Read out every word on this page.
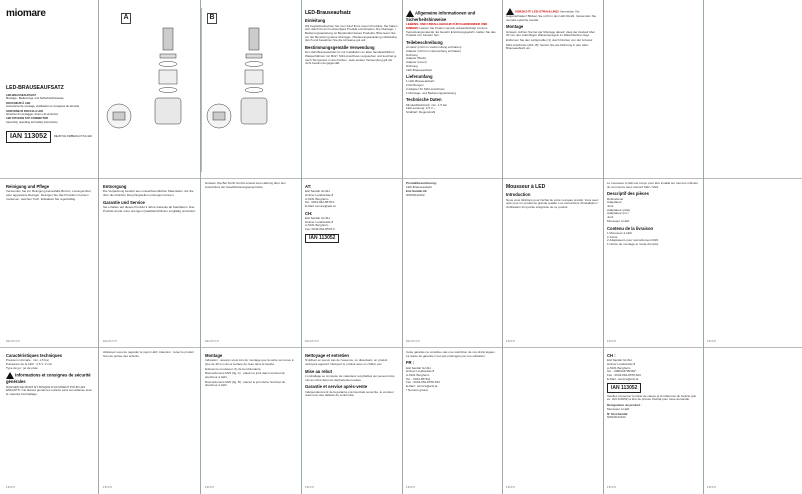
miomare
LED-BRAUSEAUFSATZ
LED-BRAUSEAUFSATZ
Montage-, Bedienungs- und Sicherheitshinweise
DOUCHEUR À LED
Instructions de montage, d'utilisation et consignes de sécurité
SOFFIONE DI DOCCIA A LED
Istruzioni di montaggio, d'uso e di sicurezza
LED KITCHEN TAP CONNECTOR
Assembly, operating and safety instructions
IAN 113052	DE/AT/CH FR/BE/CH IT/CH EN
A	B
LED-Brauseaufsatz
Einleitung
Wir beglückwünschen Sie zum Kauf Ihres neuen Produkts. Sie haben sich damit für ein hochwertiges Produkt entschieden. Die Montage- / Bedienungsanleitung ist Bestandteil dieses Produkts. Bitte lesen Sie vor der Benutzung diese Montage- / Bedienungsanleitung vollständig durch und bewahren Sie die Hinweise gut auf.
Bestimmungsgemäße Verwendung
Der LED-Brauseaufsatz ist zur Installation an allen handelsüblichen Wasserhähnen mit M22 / M24-Anschluss vorgesehen und leuchtet je nach Temperatur in drei Farben. Jede andere Verwendung gilt als nicht bestimmungsgemäß.
Allgemeine Informationen und Sicherheitshinweise
LEBENS- UND UNFALLGEFAHR FÜR KLEINKINDER UND KINDER! Lassen Sie Kinder niemals unbeaufsichtigt mit dem Verpackungsmaterial. Es besteht Erstickungsgefahr. Halten Sie das Produkt von Kindern fern.
Teilebeschreibung
Armatur (nicht im Lieferumfang enthalten)
Adapter (nicht im Lieferumfang enthalten)
Dichtung
Adapter (Buch)
Adapter (innen)
Dichtung
LED-Brauseaufsatz
Lieferumfang
1 LED-Brauseaufsatz
2 Dichtungen
2 Adapter für M24-Anschluss
1 Montage- und Bedienungsanleitung
Technische Daten
Mindestfließdruck: min. 1,5 bar
LED-Leistung: 2,5 V ~
Strahlart: Regenstrahl
VORSICHT! LED-STRAHLUNG! Vermeiden Sie Augenschäden! Blicken Sie nicht in den LED-Strahl. Verwenden Sie niemals optische Geräte.
Montage
Hinweis: Achten Sie bei der Montage darauf, dass der Auslauf über 30 mm des zukünftigen Wasserspiegels im Waschbecken liegt.
Entfernen Sie den Luftsprudler (1) durch Drehen von der Armatur.
M24-Anschluss (Abb. B): Setzen Sie die Dichtung in den LED-Brauseaufsatz ein.
Reinigung und Pflege
Verwenden Sie zur Reinigung keinesfalls Benzin, Lösungsmittel oder aggressive Reiniger. Reinigen Sie das Produkt mit einem trockenen, weichen Tuch. Entkalken Sie regelmäßig.
Entsorgung
Die Verpackung besteht aus umweltfreundlichen Materialien, die Sie über die örtlichen Recyclingstellen entsorgen können.
Garantie und Service
Sie erhalten auf dieses Produkt 3 Jahre Garantie ab Kaufdatum. Das Produkt wurde unter strengen Qualitätsrichtlinien sorgfältig produziert.
Hinweis: Die Bei Smith GmbH erweist eine Haftung über den Ausschluss der Gewährleistungsansprüche.	AT:
Eisl Sanitär GmbH
Hintner Landstraße 8
A-5101 Bergheim
Tel.: 0043-662-8578-0
E-Mail: service@eisl.at
CH:
Eisl Sanitär GmbH
Hintner Landstraße 8
A-5101 Bergheim
Fax: 0043-662-8578-0
IAN 113052
Produktbezeichnung:
LED-Brauseaufsatz
Eisl Sanitär-Nr.
NWK0012102
Mousseur à LED
Introduction
Nous vous félicitons pour l'achat de votre nouveau produit. Vous avez opté pour un produit de grande qualité. Les instructions d'installation / d'utilisation font partie intégrante de ce produit.
Le mousseur à LED est conçu pour être installé sur tous les robinets du commerce avec raccord M22 / M24.
Descriptif des pièces
Robinetterie
Adaptateur
Joint
Adaptateur (côté)
Adaptateur (int.)
Joint
Mousseur à LED
Contenu de la livraison
1 Mousseur à LED
2 Joints
2 Adaptateurs pour raccordement M24
1 Notice de montage et mode d'emploi
Caractéristiques techniques
Pression minimale : min. 1,5 bar
Puissance de la LED : 2,5 V, 0 mA
Type de jet : jet de pluie
Informations et consignes de sécurité générales
DANGER DE MORT ET RISQUE D'ACCIDENT POUR LES ENFANTS ! Ne laissez jamais les enfants sans surveillance avec le matériel d'emballage.
Abstenez-vous de regarder le rayon LED. Attention : tenez le produit hors de portée des enfants.	Montage
Indication : assurez-vous lors du montage que la sortie se trouve à plus de 30 mm de la surface de l'eau dans le lavabo.
Enlevez le mousseur (1) de la robinetterie.
Raccordement M24 (fig. A) : placez le joint dans l'embout du doucheur à LED.
Raccordement M22 (fig. B) : placez le joint dans l'embout du doucheur à LED.
Nettoyage et entretien
N'utilisez en aucun cas de l'essence, un dissolvant, un produit nettoyant agressif. Nettoyez le produit avec un chiffon sec.
Mise au rebut
L'emballage se compose de matériaux recyclables qui peuvent être mis au rebut dans les déchetteries locales.
Garantie et service après-vente
Indépendamment de la garantie commerciale souscrite, le vendeur reste tenu des défauts de conformité.
Cette garantie ne constitue pas une restriction de vos droits légaux. La durée de garantie n'est pas prolongée par une utilisation.
FR :
Eisl Sanitär GmbH
Hintner Landstraße 8
A-5101 Bergheim
Tel. : 0043-6578-0
Fax : 0043-662-8578-620
E-Mail : service@eisl.at
* Numéro gratuit
CH :
Eisl Sanitär GmbH
Hintner Landstraße 8
A-5101 Bergheim
Tel. : 00800-8795462*
Fax : 0043-662-8578-620
E-Mail : service@eisl.at
IAN 113052
Veuillez conserver le ticket de caisse et la référence de l'article (par ex. IAN 113052) à titre de preuve d'achat pour toute demande.
Désignation du produit :
Mousseur à LED
N° Eisl-Sanitär
NWK0012102
DE/AT/CH	DE/AT/CH	DE/AT/CH	DE/AT/CH	DE/AT/CH	FR/CH	FR/CH	FR/CH
FR/CH	FR/CH	FR/CH	FR/CH	FR/CH	FR/CH	FR/CH	FR/CH
